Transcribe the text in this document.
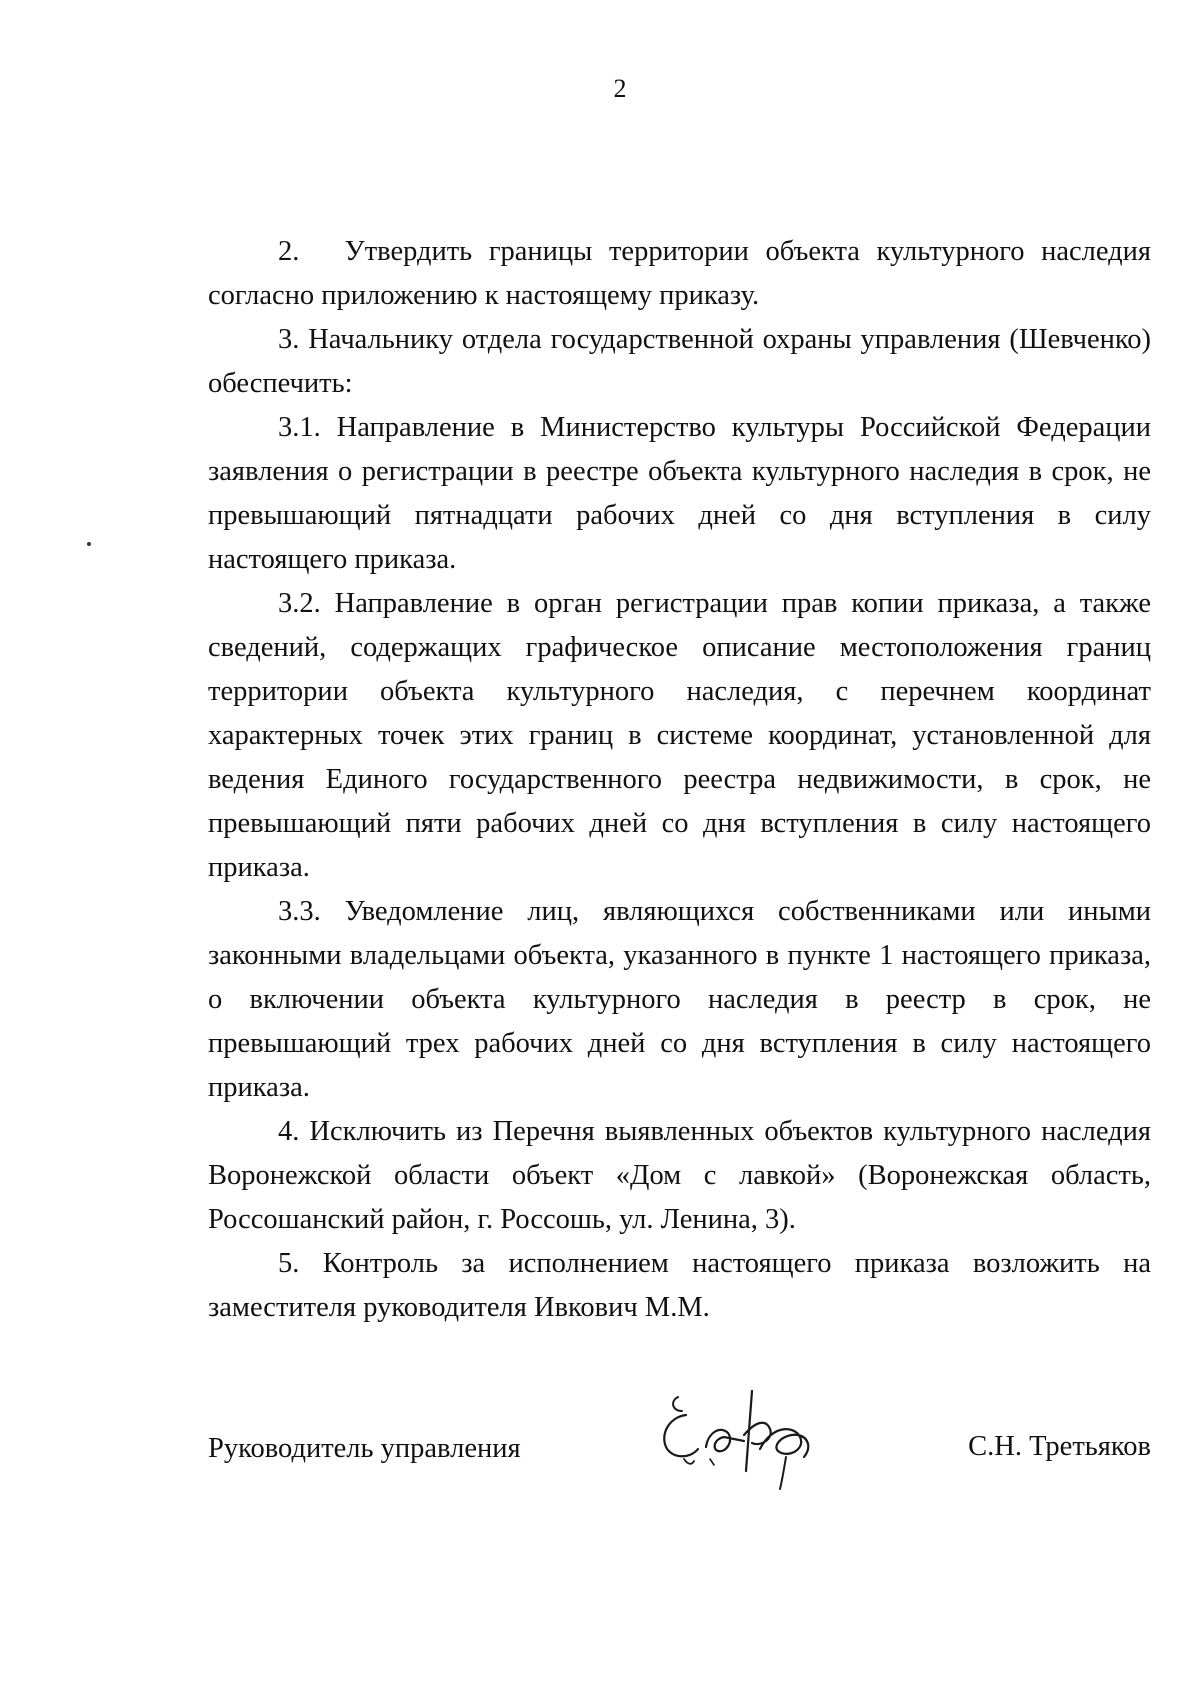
2

2.  Утвердить границы территории объекта культурного наследия согласно приложению к настоящему приказу.

3. Начальнику отдела государственной охраны управления (Шевченко) обеспечить:

3.1. Направление в Министерство культуры Российской Федерации заявления о регистрации в реестре объекта культурного наследия в срок, не превышающий пятнадцати рабочих дней со дня вступления в силу настоящего приказа.

3.2. Направление в орган регистрации прав копии приказа, а также сведений, содержащих графическое описание местоположения границ территории объекта культурного наследия, с перечнем координат характерных точек этих границ в системе координат, установленной для ведения Единого государственного реестра недвижимости, в срок, не превышающий пяти рабочих дней со дня вступления в силу настоящего приказа.

3.3. Уведомление лиц, являющихся собственниками или иными законными владельцами объекта, указанного в пункте 1 настоящего приказа, о включении объекта культурного наследия в реестр в срок, не превышающий трех рабочих дней со дня вступления в силу настоящего приказа.

4. Исключить из Перечня выявленных объектов культурного наследия Воронежской области объект «Дом с лавкой» (Воронежская область, Россошанский район, г. Россошь, ул. Ленина, 3).

5. Контроль за исполнением настоящего приказа возложить на заместителя руководителя Ивкович М.М.

Руководитель управления	С.Н. Третьяков
